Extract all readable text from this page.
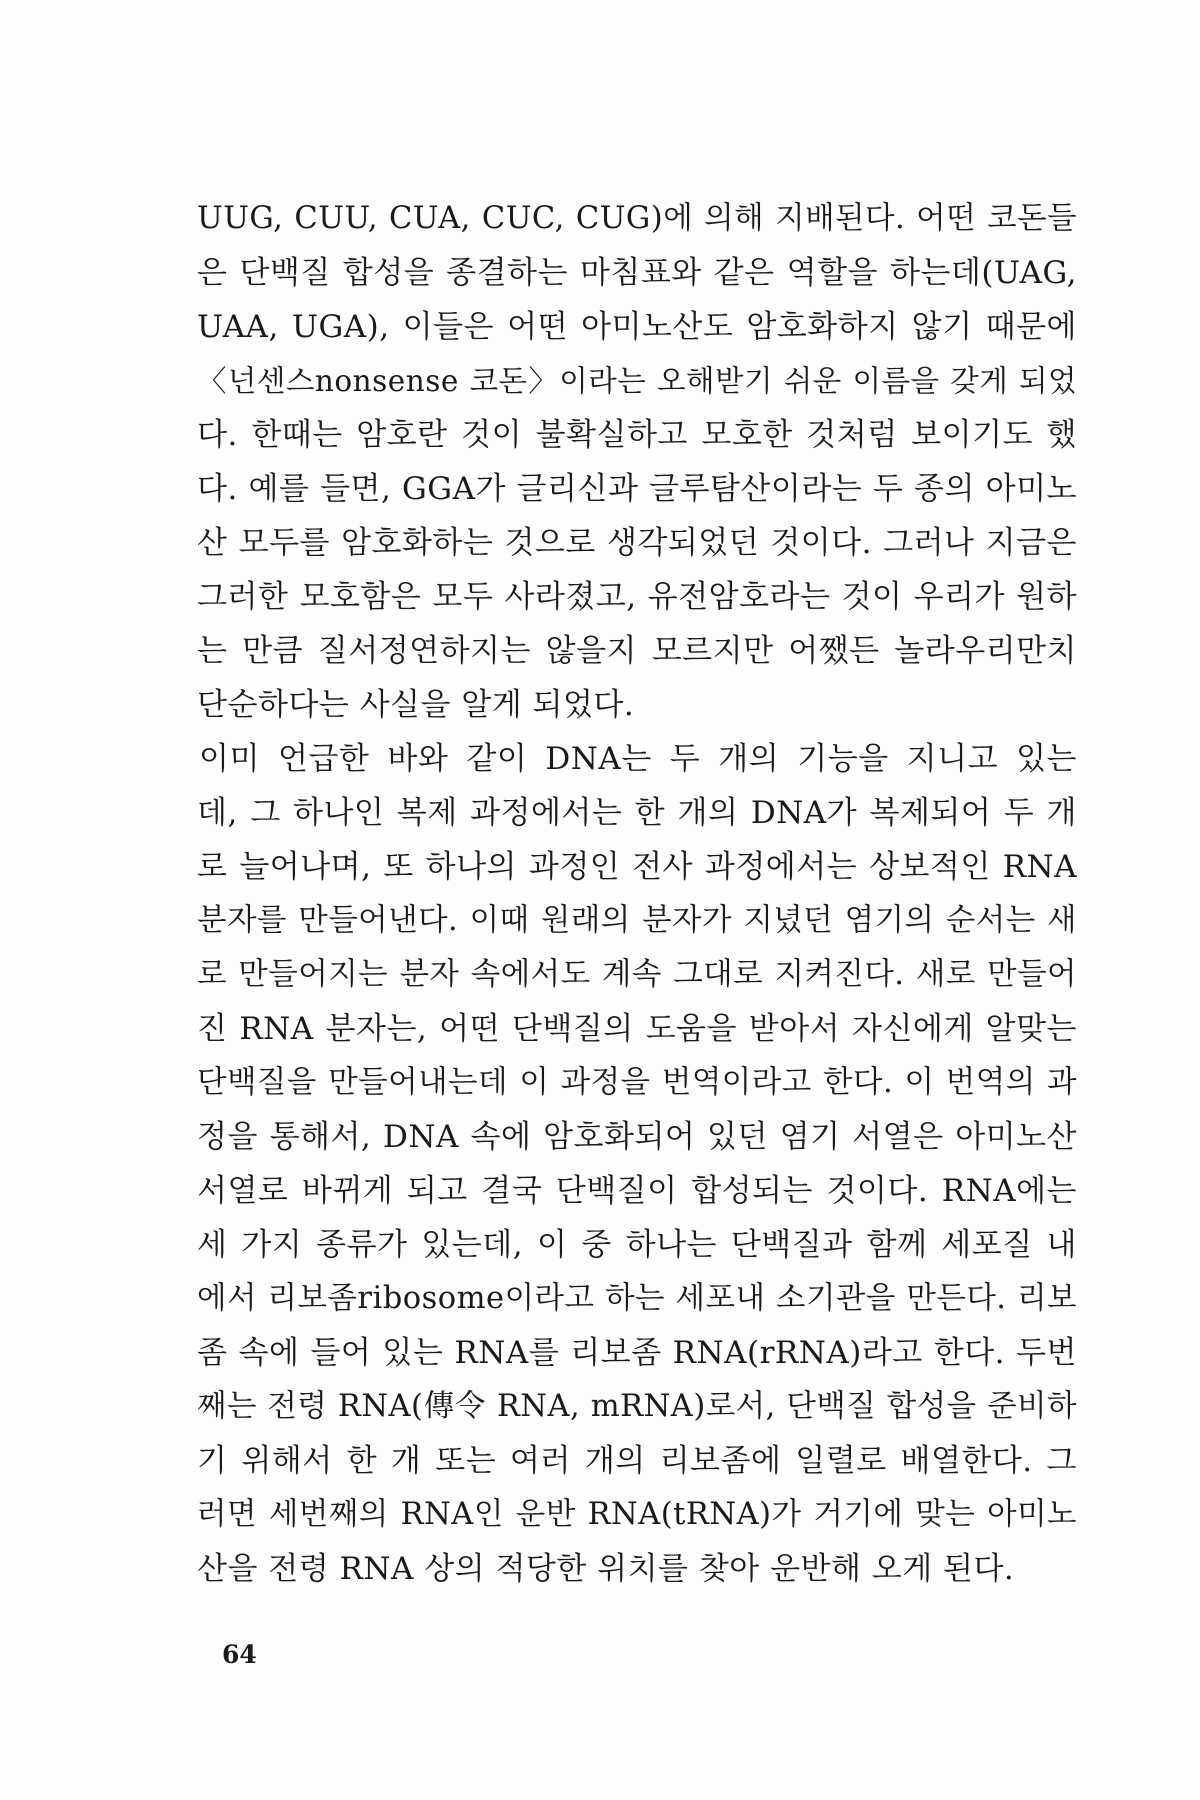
UUG, CUU, CUA, CUC, CUG)에 의해 지배된다. 어떤 코돈들
은 단백질 합성을 종결하는 마침표와 같은 역할을 하는데(UAG,
UAA, UGA), 이들은 어떤 아미노산도 암호화하지 않기 때문에
〈넌센스nonsense 코돈〉이라는 오해받기 쉬운 이름을 갖게 되었
다. 한때는 암호란 것이 불확실하고 모호한 것처럼 보이기도 했
다. 예를 들면, GGA가 글리신과 글루탐산이라는 두 종의 아미노
산 모두를 암호화하는 것으로 생각되었던 것이다. 그러나 지금은
그러한 모호함은 모두 사라졌고, 유전암호라는 것이 우리가 원하
는 만큼 질서정연하지는 않을지 모르지만 어쨌든 놀라우리만치
단순하다는 사실을 알게 되었다.
이미 언급한 바와 같이 DNA는 두 개의 기능을 지니고 있는
데, 그 하나인 복제 과정에서는 한 개의 DNA가 복제되어 두 개
로 늘어나며, 또 하나의 과정인 전사 과정에서는 상보적인 RNA
분자를 만들어낸다. 이때 원래의 분자가 지녔던 염기의 순서는 새
로 만들어지는 분자 속에서도 계속 그대로 지켜진다. 새로 만들어
진 RNA 분자는, 어떤 단백질의 도움을 받아서 자신에게 알맞는
단백질을 만들어내는데 이 과정을 번역이라고 한다. 이 번역의 과
정을 통해서, DNA 속에 암호화되어 있던 염기 서열은 아미노산
서열로 바뀌게 되고 결국 단백질이 합성되는 것이다. RNA에는
세 가지 종류가 있는데, 이 중 하나는 단백질과 함께 세포질 내
에서 리보좀ribosome이라고 하는 세포내 소기관을 만든다. 리보
좀 속에 들어 있는 RNA를 리보좀 RNA(rRNA)라고 한다. 두번
째는 전령 RNA(傳令 RNA, mRNA)로서, 단백질 합성을 준비하
기 위해서 한 개 또는 여러 개의 리보좀에 일렬로 배열한다. 그
러면 세번째의 RNA인 운반 RNA(tRNA)가 거기에 맞는 아미노
산을 전령 RNA 상의 적당한 위치를 찾아 운반해 오게 된다.
64
